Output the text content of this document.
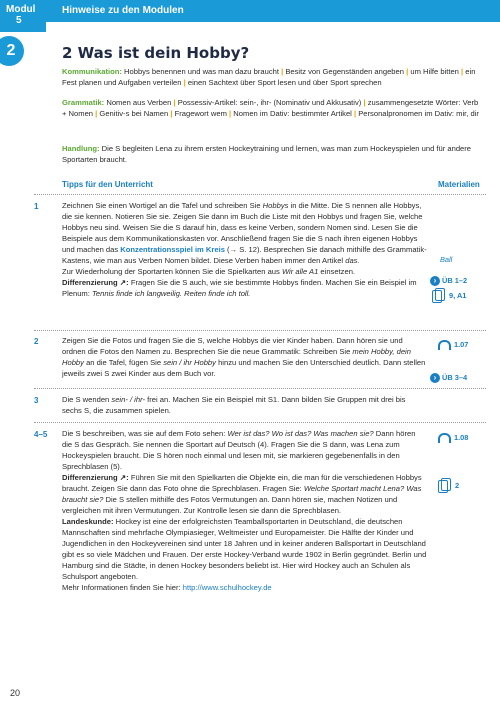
Modul
5
Hinweise zu den Modulen
2	2 Was ist dein Hobby?
Kommunikation: Hobbys benennen und was man dazu braucht | Besitz von Gegenständen angeben | um Hilfe bitten | ein Fest planen und Aufgaben verteilen | einen Sachtext über Sport lesen und über Sport sprechen
Grammatik: Nomen aus Verben | Possessiv-Artikel: sein-, ihr- (Nominativ und Akkusativ) | zusammengesetzte Wörter: Verb + Nomen | Genitiv-s bei Namen | Fragewort wem | Nomen im Dativ: bestimmter Artikel | Personalpronomen im Dativ: mir, dir
Handlung: Die S begleiten Lena zu ihrem ersten Hockeytraining und lernen, was man zum Hockeyspielen und für andere Sportarten braucht.
Tipps für den Unterricht	Materialien
1	Zeichnen Sie einen Wortigel an die Tafel und schreiben Sie Hobbys in die Mitte. Die S nennen alle Hobbys, die sie kennen. Notieren Sie sie. Zeigen Sie dann im Buch die Liste mit den Hobbys und fragen Sie, welche Hobbys neu sind. Weisen Sie die S darauf hin, dass es keine Verben, sondern Nomen sind. Lesen Sie die Beispiele aus dem Kommunikationskasten vor. Anschließend fragen Sie die S nach ihren eigenen Hobbys und machen das Konzentrationsspiel im Kreis (→ S. 12). Besprechen Sie danach mithilfe des Grammatik-Kastens, wie man aus Verben Nomen bildet. Diese Verben haben immer den Artikel das.
Zur Wiederholung der Sportarten können Sie die Spielkarten aus Wir alle A1 einsetzen.
Differenzierung ↗: Fragen Sie die S auch, wie sie bestimmte Hobbys finden. Machen Sie ein Beispiel im Plenum: Tennis finde ich langweilig. Reiten finde ich toll.
Ball
› ÜB 1–2
9, A1
2	Zeigen Sie die Fotos und fragen Sie die S, welche Hobbys die vier Kinder haben. Dann hören sie und ordnen die Fotos den Namen zu. Besprechen Sie die neue Grammatik: Schreiben Sie mein Hobby, dein Hobby an die Tafel, fügen Sie sein / ihr Hobby hinzu und machen Sie den Unterschied deutlich. Dann stellen jeweils zwei S zwei Kinder aus dem Buch vor.
1.07
› ÜB 3–4
3	Die S wenden sein- / ihr- frei an. Machen Sie ein Beispiel mit S1. Dann bilden Sie Gruppen mit drei bis sechs S, die zusammen spielen.
4–5 Die S beschreiben, was sie auf dem Foto sehen: Wer ist das? Wo ist das? Was machen sie? Dann hören die S das Gespräch. Sie nennen die Sportart auf Deutsch (4). Fragen Sie die S dann, was Lena zum Hockeyspielen braucht. Die S hören noch einmal und lesen mit, sie markieren gegebenenfalls in den Sprechblasen (5).
Differenzierung ↗: Führen Sie mit den Spielkarten die Objekte ein, die man für die verschiedenen Hobbys braucht. Zeigen Sie dann das Foto ohne die Sprechblasen. Fragen Sie: Welche Sportart macht Lena? Was braucht sie? Die S stellen mithilfe des Fotos Vermutungen an. Dann hören sie, machen Notizen und vergleichen mit ihren Vermutungen. Zur Kontrolle lesen sie dann die Sprechblasen.
Landeskunde: Hockey ist eine der erfolgreichsten Teamballsportarten in Deutschland, die deutschen Mannschaften sind mehrfache Olympiasieger, Weltmeister und Europameister. Die Hälfte der Kinder und Jugendlichen in den Hockeyvereinen sind unter 18 Jahren und in keiner anderen Ballsportart in Deutschland gibt es so viele Mädchen und Frauen. Der erste Hockey-Verband wurde 1902 in Berlin gegründet. Berlin und Hamburg sind die Städte, in denen Hockey besonders beliebt ist. Hier wird Hockey auch an Schulen als Schulsport angeboten.
Mehr Informationen finden Sie hier: http://www.schulhockey.de
1.08
2
20
